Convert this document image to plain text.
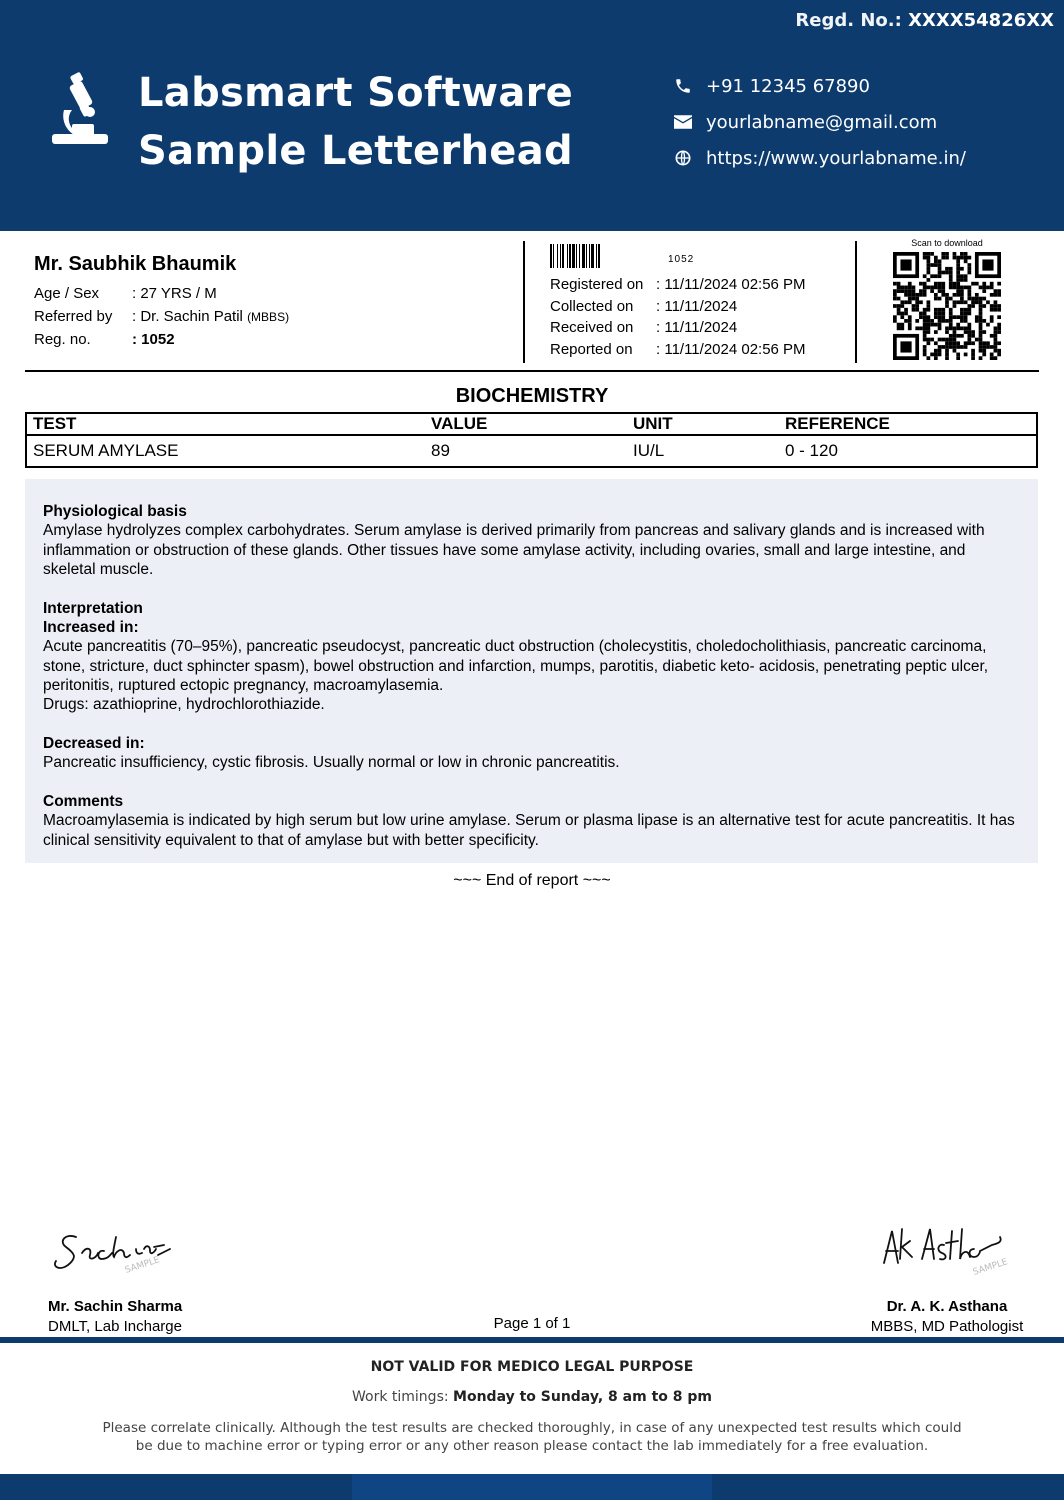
Regd. No.: XXXX54826XX
Labsmart Software
Sample Letterhead
+91 12345 67890
yourlabname@gmail.com
https://www.yourlabname.in/
Mr. Saubhik Bhaumik
Age / Sex	: 27 YRS / M
Referred by	: Dr. Sachin Patil (MBBS)
Reg. no.	: 1052
1052
Registered on : 11/11/2024 02:56 PM
Collected on	: 11/11/2024
Received on	: 11/11/2024
Reported on	: 11/11/2024 02:56 PM
Scan to download
BIOCHEMISTRY
TEST	VALUE	UNIT	REFERENCE
SERUM AMYLASE	89	IU/L	0 - 120
Physiological basis

Amylase hydrolyzes complex carbohydrates. Serum amylase is derived primarily from pancreas and salivary glands and is increased with inflammation or obstruction of these glands. Other tissues have some amylase activity, including ovaries, small and large intestine, and skeletal muscle.

Interpretation
Increased in:

Acute pancreatitis (70–95%), pancreatic pseudocyst, pancreatic duct obstruction (cholecystitis, choledocholithiasis, pancreatic carcinoma, stone, stricture, duct sphincter spasm), bowel obstruction and infarction, mumps, parotitis, diabetic keto- acidosis, penetrating peptic ulcer, peritonitis, ruptured ectopic pregnancy, macroamylasemia.

Drugs: azathioprine, hydrochlorothiazide.

Decreased in:

Pancreatic insufficiency, cystic fibrosis. Usually normal or low in chronic pancreatitis.

Comments

Macroamylasemia is indicated by high serum but low urine amylase. Serum or plasma lipase is an alternative test for acute pancreatitis. It has clinical sensitivity equivalent to that of amylase but with better specificity.

~~~ End of report ~~~
SAMPLE
Mr. Sachin Sharma
DMLT, Lab Incharge
SAMPLE
Dr. A. K. Asthana
MBBS, MD Pathologist
Page 1 of 1
NOT VALID FOR MEDICO LEGAL PURPOSE
Work timings: Monday to Sunday, 8 am to 8 pm
Please correlate clinically. Although the test results are checked thoroughly, in case of any unexpected test results which could be due to machine error or typing error or any other reason please contact the lab immediately for a free evaluation.
